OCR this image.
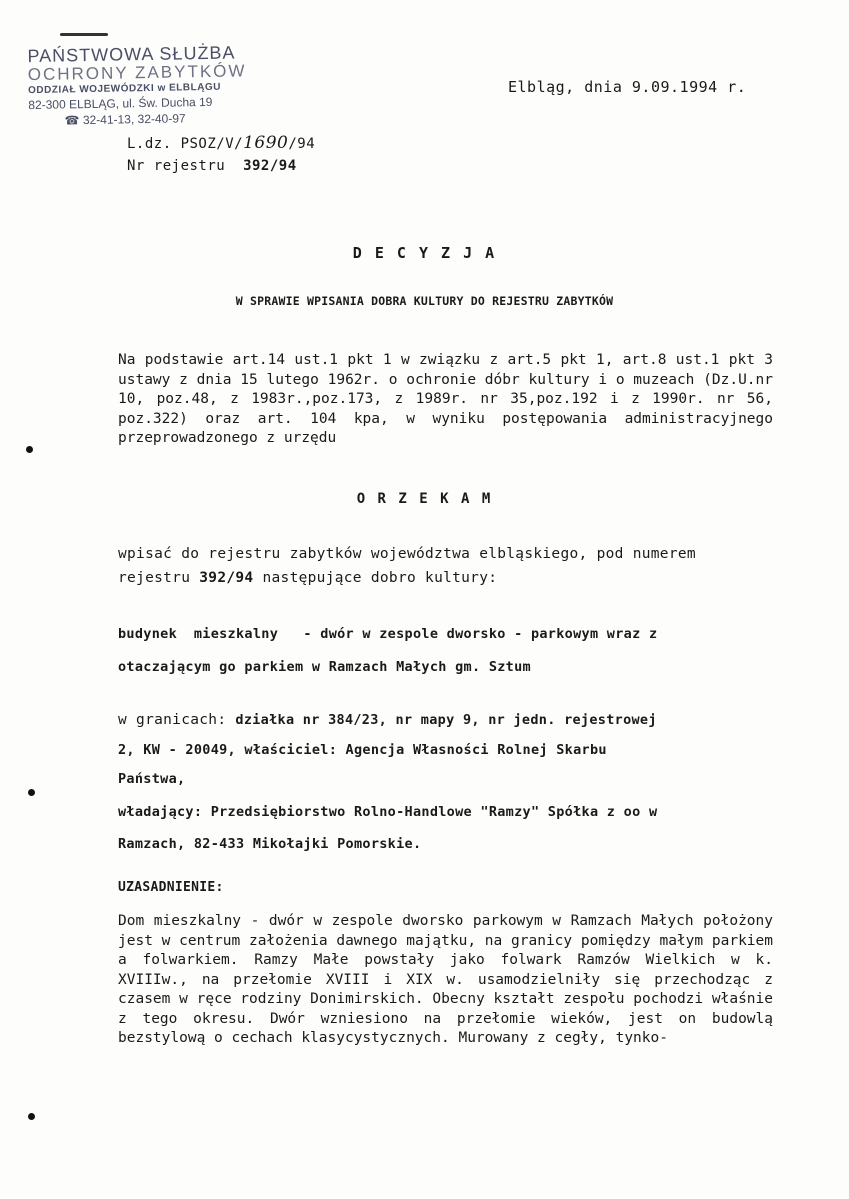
PAŃSTWOWA SŁUŻBA
OCHRONY ZABYTKÓW
ODDZIAŁ WOJEWÓDZKI w ELBLĄGU
82-300 ELBLĄG, ul. Św. Ducha 19
☎ 32-41-13, 32-40-97
Elbląg, dnia 9.09.1994 r.
L.dz. PSOZ/V/1690/94
Nr rejestru 392/94
D E C Y Z J A
W SPRAWIE WPISANIA DOBRA KULTURY DO REJESTRU ZABYTKÓW
Na podstawie art.14 ust.1 pkt 1 w związku z art.5 pkt 1, art.8 ust.1 pkt 3 ustawy z dnia 15 lutego 1962r. o ochronie dóbr kultury i o muzeach (Dz.U.nr 10, poz.48, z 1983r.,poz.173, z 1989r. nr 35,poz.192 i z 1990r. nr 56, poz.322) oraz art. 104 kpa, w wyniku postępowania administracyjnego przeprowadzonego z urzędu
O R Z E K A M
wpisać do rejestru zabytków województwa elbląskiego, pod numerem
rejestru 392/94 następujące dobro kultury:
budynek  mieszkalny   - dwór w zespole dworsko - parkowym wraz z
otaczającym go parkiem w Ramzach Małych gm. Sztum
w granicach: działka nr 384/23, nr mapy 9, nr jedn. rejestrowej
2, KW - 20049, właściciel: Agencja Własności Rolnej Skarbu
Państwa,
władający: Przedsiębiorstwo Rolno-Handlowe "Ramzy" Spółka z oo w
Ramzach, 82-433 Mikołajki Pomorskie.
UZASADNIENIE:
Dom mieszkalny - dwór w zespole dworsko parkowym w Ramzach Małych położony jest w centrum założenia dawnego majątku, na granicy pomiędzy małym parkiem a folwarkiem. Ramzy Małe powstały jako folwark Ramzów Wielkich w k. XVIIIw., na przełomie XVIII i XIX w. usamodzielniły się przechodząc z czasem w ręce rodziny Donimirskich. Obecny kształt zespołu pochodzi właśnie z tego okresu. Dwór wzniesiono na przełomie wieków, jest on budowlą bezstylową o cechach klasycystycznych. Murowany z cegły, tynko-
